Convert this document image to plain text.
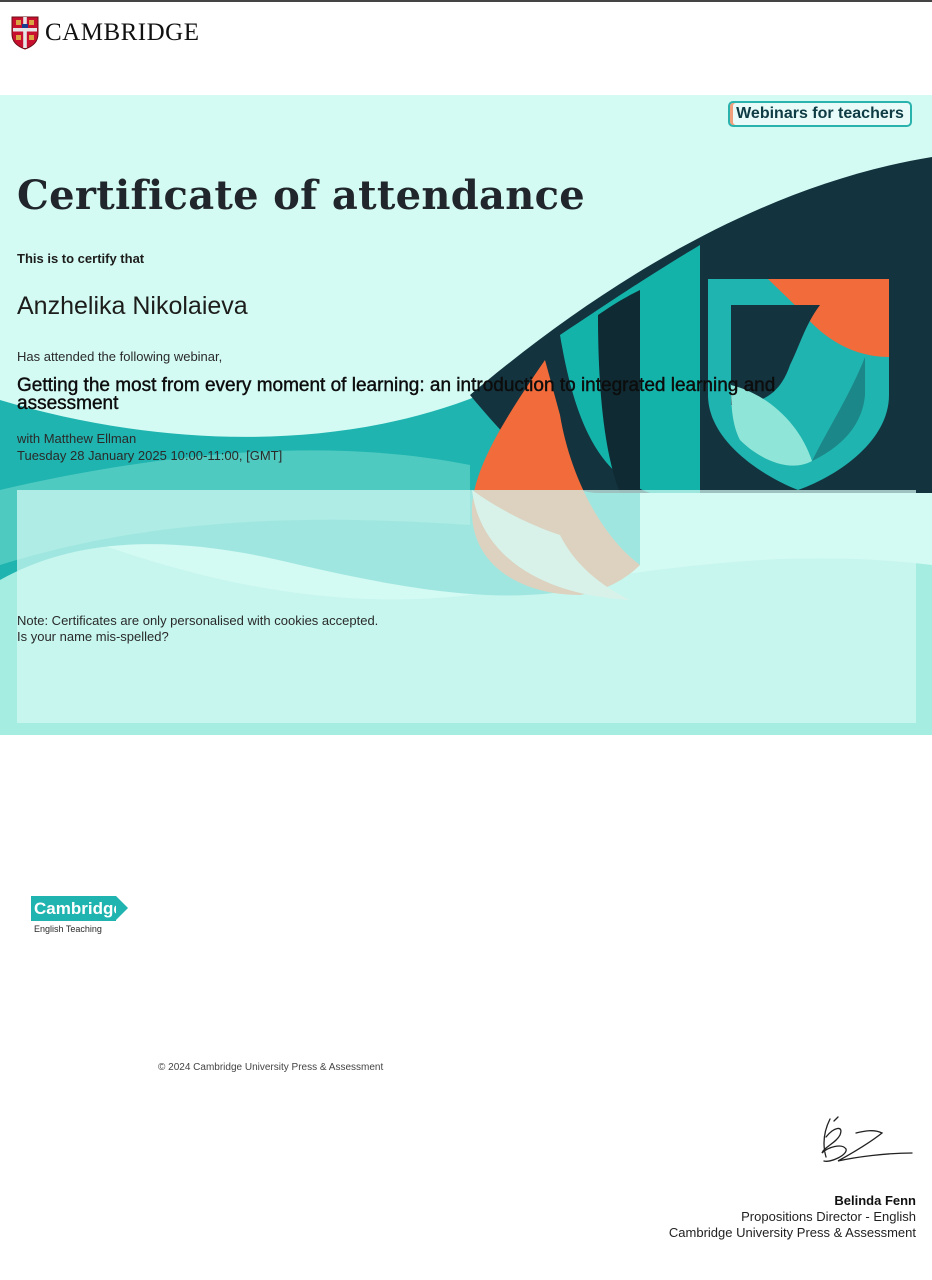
CAMBRIDGE
Webinars for teachers
Certificate of attendance
This is to certify that
Anzhelika Nikolaieva
Has attended the following webinar,
Getting the most from every moment of learning: an introduction to integrated learning and assessment
with Matthew Ellman
Tuesday 28 January 2025 10:00-11:00, [GMT]
Note: Certificates are only personalised with cookies accepted.
Is your name mis-spelled?
Cambridge
English Teaching
© 2024 Cambridge University Press & Assessment
Belinda Fenn
Propositions Director - English
Cambridge University Press & Assessment
